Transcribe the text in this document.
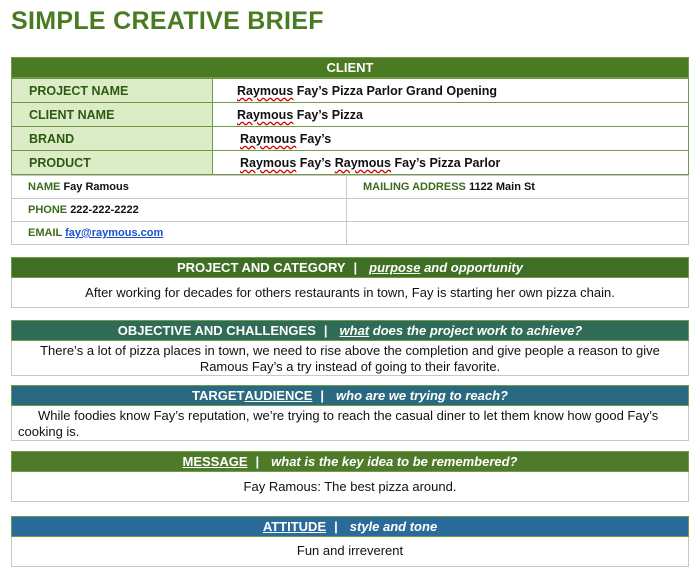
SIMPLE CREATIVE BRIEF
CLIENT
PROJECT NAME	Raymous Fay’s Pizza Parlor Grand Opening
CLIENT NAME	Raymous Fay’s Pizza
BRAND	Raymous Fay’s
PRODUCT	Raymous Fay’s Raymous Fay’s Pizza Parlor
NAME Fay Ramous	MAILING ADDRESS 1122 Main St
PHONE 222-222-2222	
EMAIL fay@raymous.com	
PROJECT AND CATEGORY | purpose and opportunity
After working for decades for others restaurants in town, Fay is starting her own pizza chain.
OBJECTIVE AND CHALLENGES | what does the project work to achieve?
There’s a lot of pizza places in town, we need to rise above the completion and give people a reason to give Ramous Fay’s a try instead of going to their favorite.
TARGET AUDIENCE | who are we trying to reach?
While foodies know Fay’s reputation, we’re trying to reach the casual diner to let them know how good Fay’s cooking is.
MESSAGE | what is the key idea to be remembered?
Fay Ramous: The best pizza around.
ATTITUDE | style and tone
Fun and irreverent
